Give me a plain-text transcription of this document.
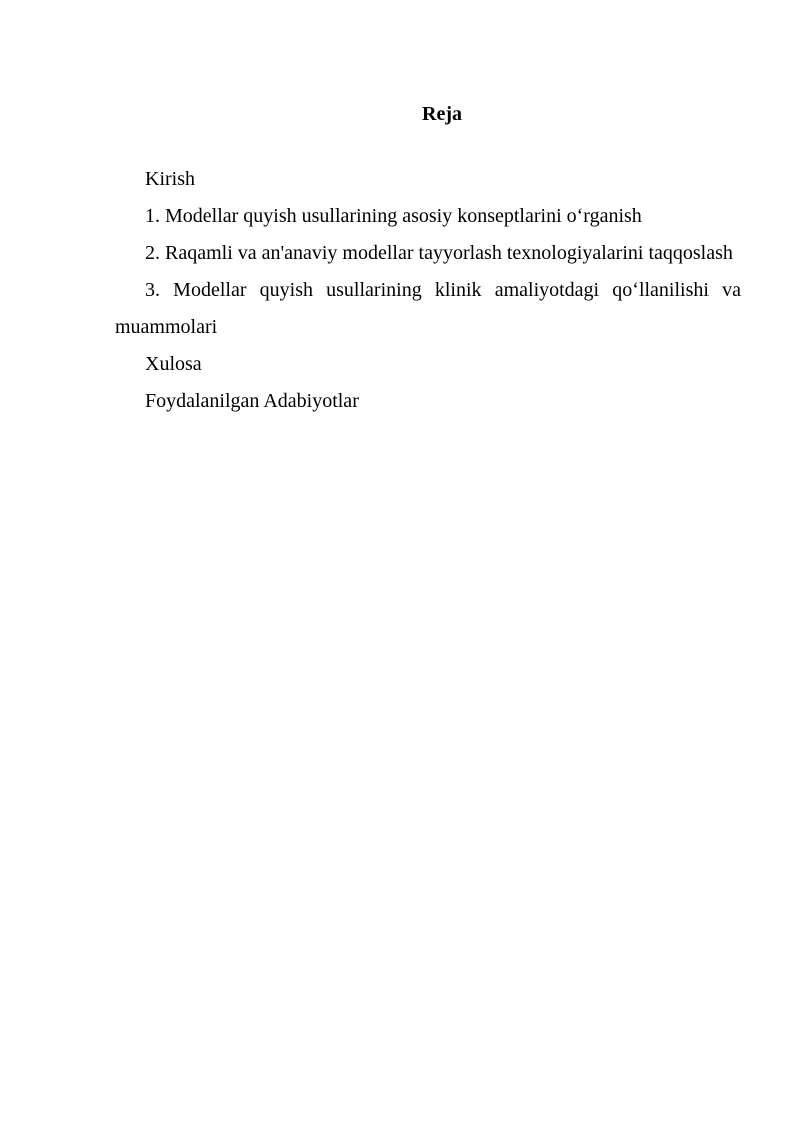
Reja

Kirish

1. Modellar quyish usullarining asosiy konseptlarini o‘rganish

2. Raqamli va an'anaviy modellar tayyorlash texnologiyalarini taqqoslash

3. Modellar quyish usullarining klinik amaliyotdagi qo‘llanilishi va muammolari

Xulosa

Foydalanilgan Adabiyotlar
